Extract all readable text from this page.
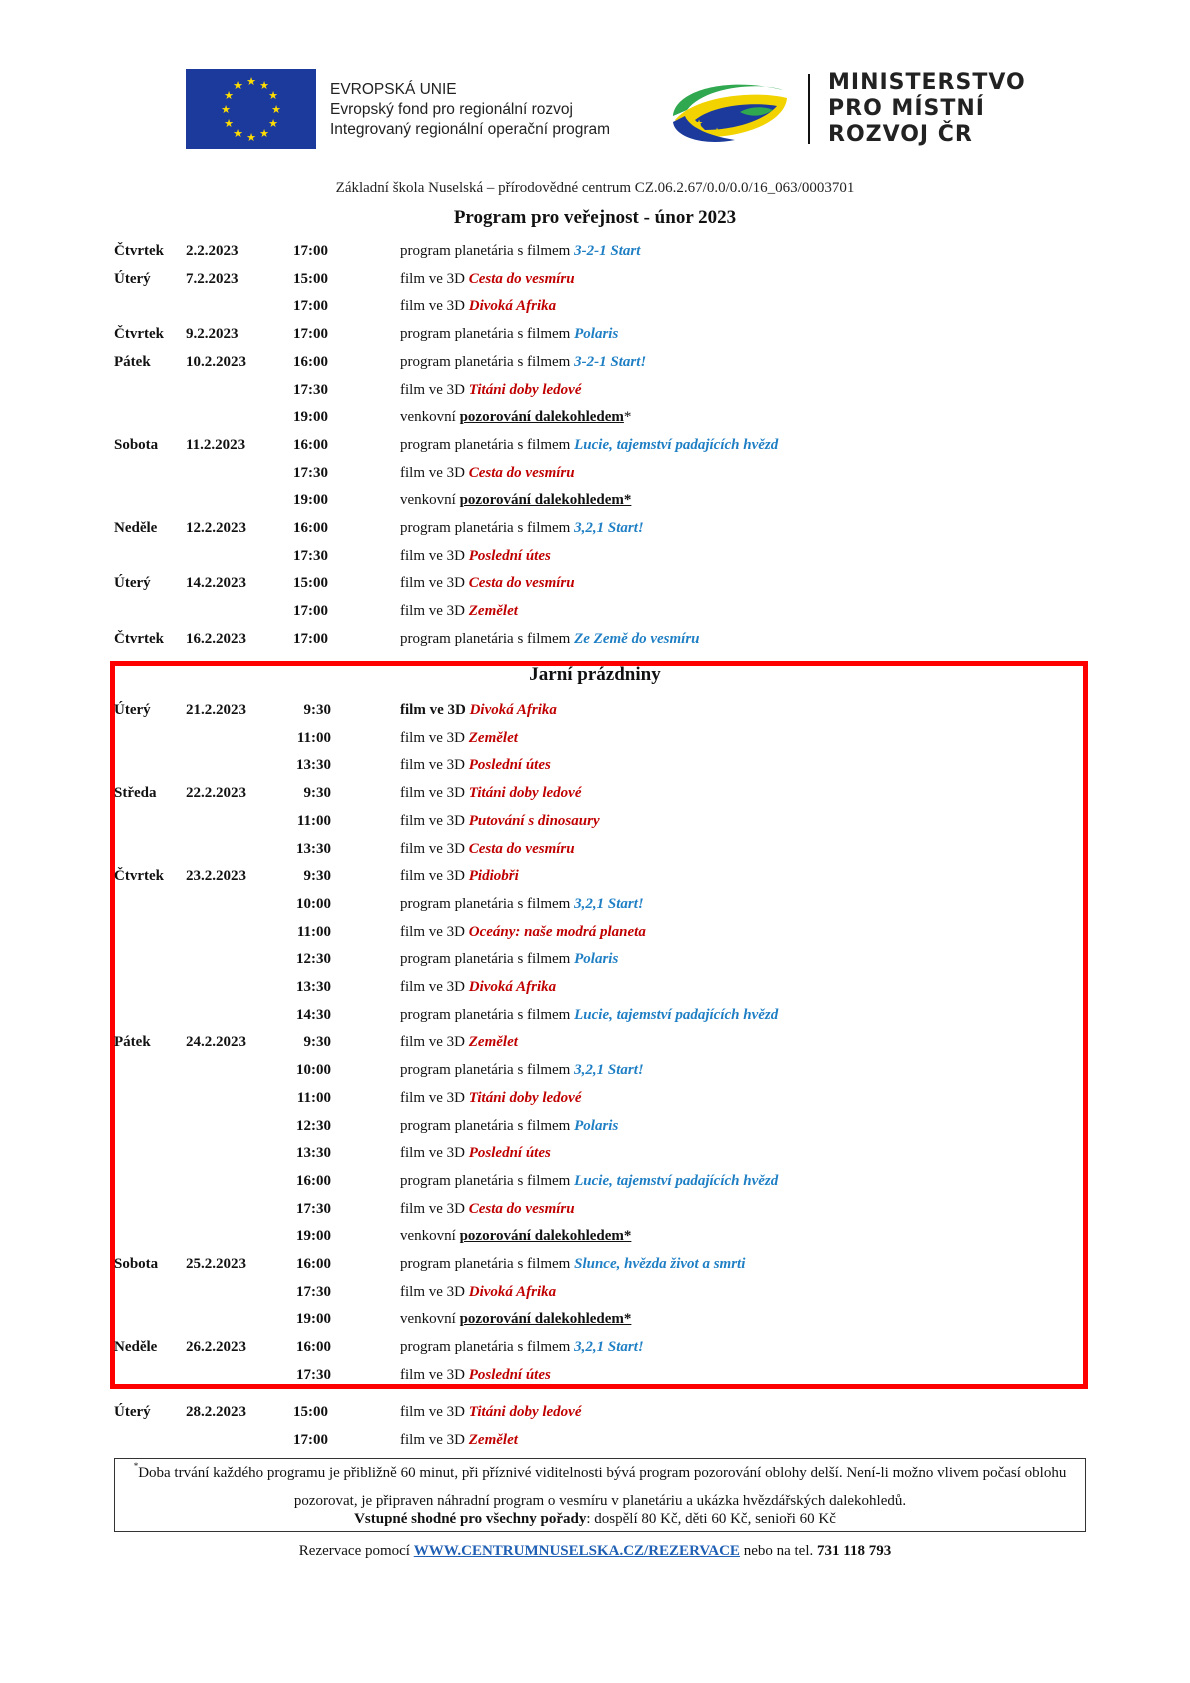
★ ★
★
★
★
★
★
★
★
★
★
★	EVROPSKÁ UNIE
Evropský fond pro regionální rozvoj
Integrovaný regionální operační program	★
★
MINISTERSTVO
PRO MÍSTNÍ
ROZVOJ ČR
Základní škola Nuselská – přírodovědné centrum CZ.06.2.67/0.0/0.0/16_063/0003701
Program pro veřejnost - únor 2023
Čtvrtek 2.2.2023	17:00	program planetária s filmem 3-2-1 Start
Úterý 7.2.2023	15:00	film ve 3D Cesta do vesmíru
17:00	film ve 3D Divoká Afrika
Čtvrtek 9.2.2023	17:00	program planetária s filmem Polaris
Pátek 10.2.2023	16:00	program planetária s filmem 3-2-1 Start!
17:30	film ve 3D Titáni doby ledové
19:00	venkovní pozorování dalekohledem*
Sobota 11.2.2023	16:00	program planetária s filmem Lucie, tajemství padajících hvězd
17:30	film ve 3D Cesta do vesmíru
19:00	venkovní pozorování dalekohledem*
Neděle 12.2.2023	16:00	program planetária s filmem 3,2,1 Start!
17:30	film ve 3D Poslední útes
Úterý 14.2.2023	15:00	film ve 3D Cesta do vesmíru
17:00	film ve 3D Zemělet
Čtvrtek 16.2.2023	17:00	program planetária s filmem Ze Země do vesmíru
Jarní prázdniny
Úterý 21.2.2023	9:30	film ve 3D Divoká Afrika
11:00	film ve 3D Zemělet
13:30	film ve 3D Poslední útes
Středa 22.2.2023	9:30	film ve 3D Titáni doby ledové
11:00	film ve 3D Putování s dinosaury
13:30	film ve 3D Cesta do vesmíru
Čtvrtek 23.2.2023	9:30	film ve 3D Pidiobři
10:00	program planetária s filmem 3,2,1 Start!
11:00	film ve 3D Oceány: naše modrá planeta
12:30	program planetária s filmem Polaris
13:30	film ve 3D Divoká Afrika
14:30	program planetária s filmem Lucie, tajemství padajících hvězd
Pátek 24.2.2023	9:30	film ve 3D Zemělet
10:00	program planetária s filmem 3,2,1 Start!
11:00	film ve 3D Titáni doby ledové
12:30	program planetária s filmem Polaris
13:30	film ve 3D Poslední útes
16:00	program planetária s filmem Lucie, tajemství padajících hvězd
17:30	film ve 3D Cesta do vesmíru
19:00	venkovní pozorování dalekohledem*
Sobota 25.2.2023	16:00	program planetária s filmem Slunce, hvězda život a smrti
17:30	film ve 3D Divoká Afrika
19:00	venkovní pozorování dalekohledem*
Neděle 26.2.2023	16:00	program planetária s filmem 3,2,1 Start!
17:30	film ve 3D Poslední útes
Úterý 28.2.2023	15:00	film ve 3D Titáni doby ledové
17:00	film ve 3D Zemělet
*Doba trvání každého programu je přibližně 60 minut, při příznivé viditelnosti bývá program pozorování oblohy delší. Není-li možno vlivem počasí oblohu pozorovat, je připraven náhradní program o vesmíru v planetáriu a ukázka hvězdářských dalekohledů.
Vstupné shodné pro všechny pořady: dospělí 80 Kč, děti 60 Kč, senioři 60 Kč
Rezervace pomocí WWW.CENTRUMNUSELSKA.CZ/REZERVACE nebo na tel. 731 118 793
